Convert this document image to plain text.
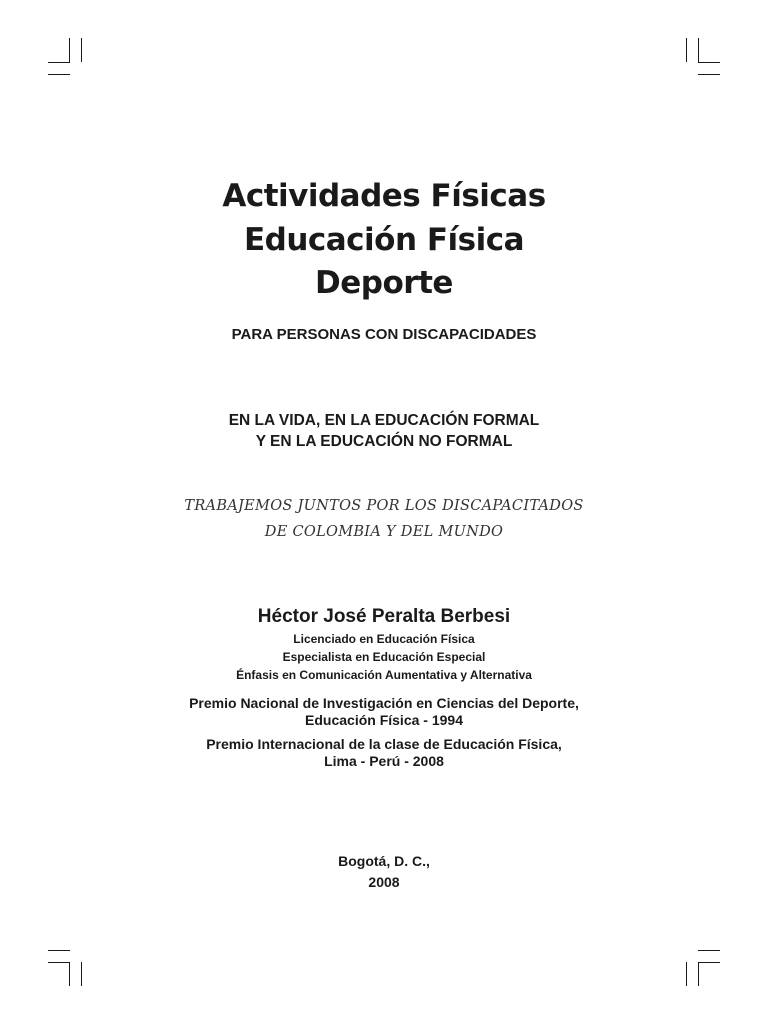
Actividades Físicas
Educación Física
Deporte
PARA PERSONAS CON DISCAPACIDADES
EN LA VIDA, EN LA EDUCACIÓN FORMAL
Y EN LA EDUCACIÓN NO FORMAL
TRABAJEMOS JUNTOS POR LOS DISCAPACITADOS
DE COLOMBIA Y DEL MUNDO
Héctor José Peralta Berbesi
Licenciado en Educación Física
Especialista en Educación Especial
Énfasis en Comunicación Aumentativa y Alternativa
Premio Nacional de Investigación en Ciencias del Deporte,
Educación Física - 1994
Premio Internacional de la clase de Educación Física,
Lima - Perú - 2008
Bogotá, D. C.,
2008
